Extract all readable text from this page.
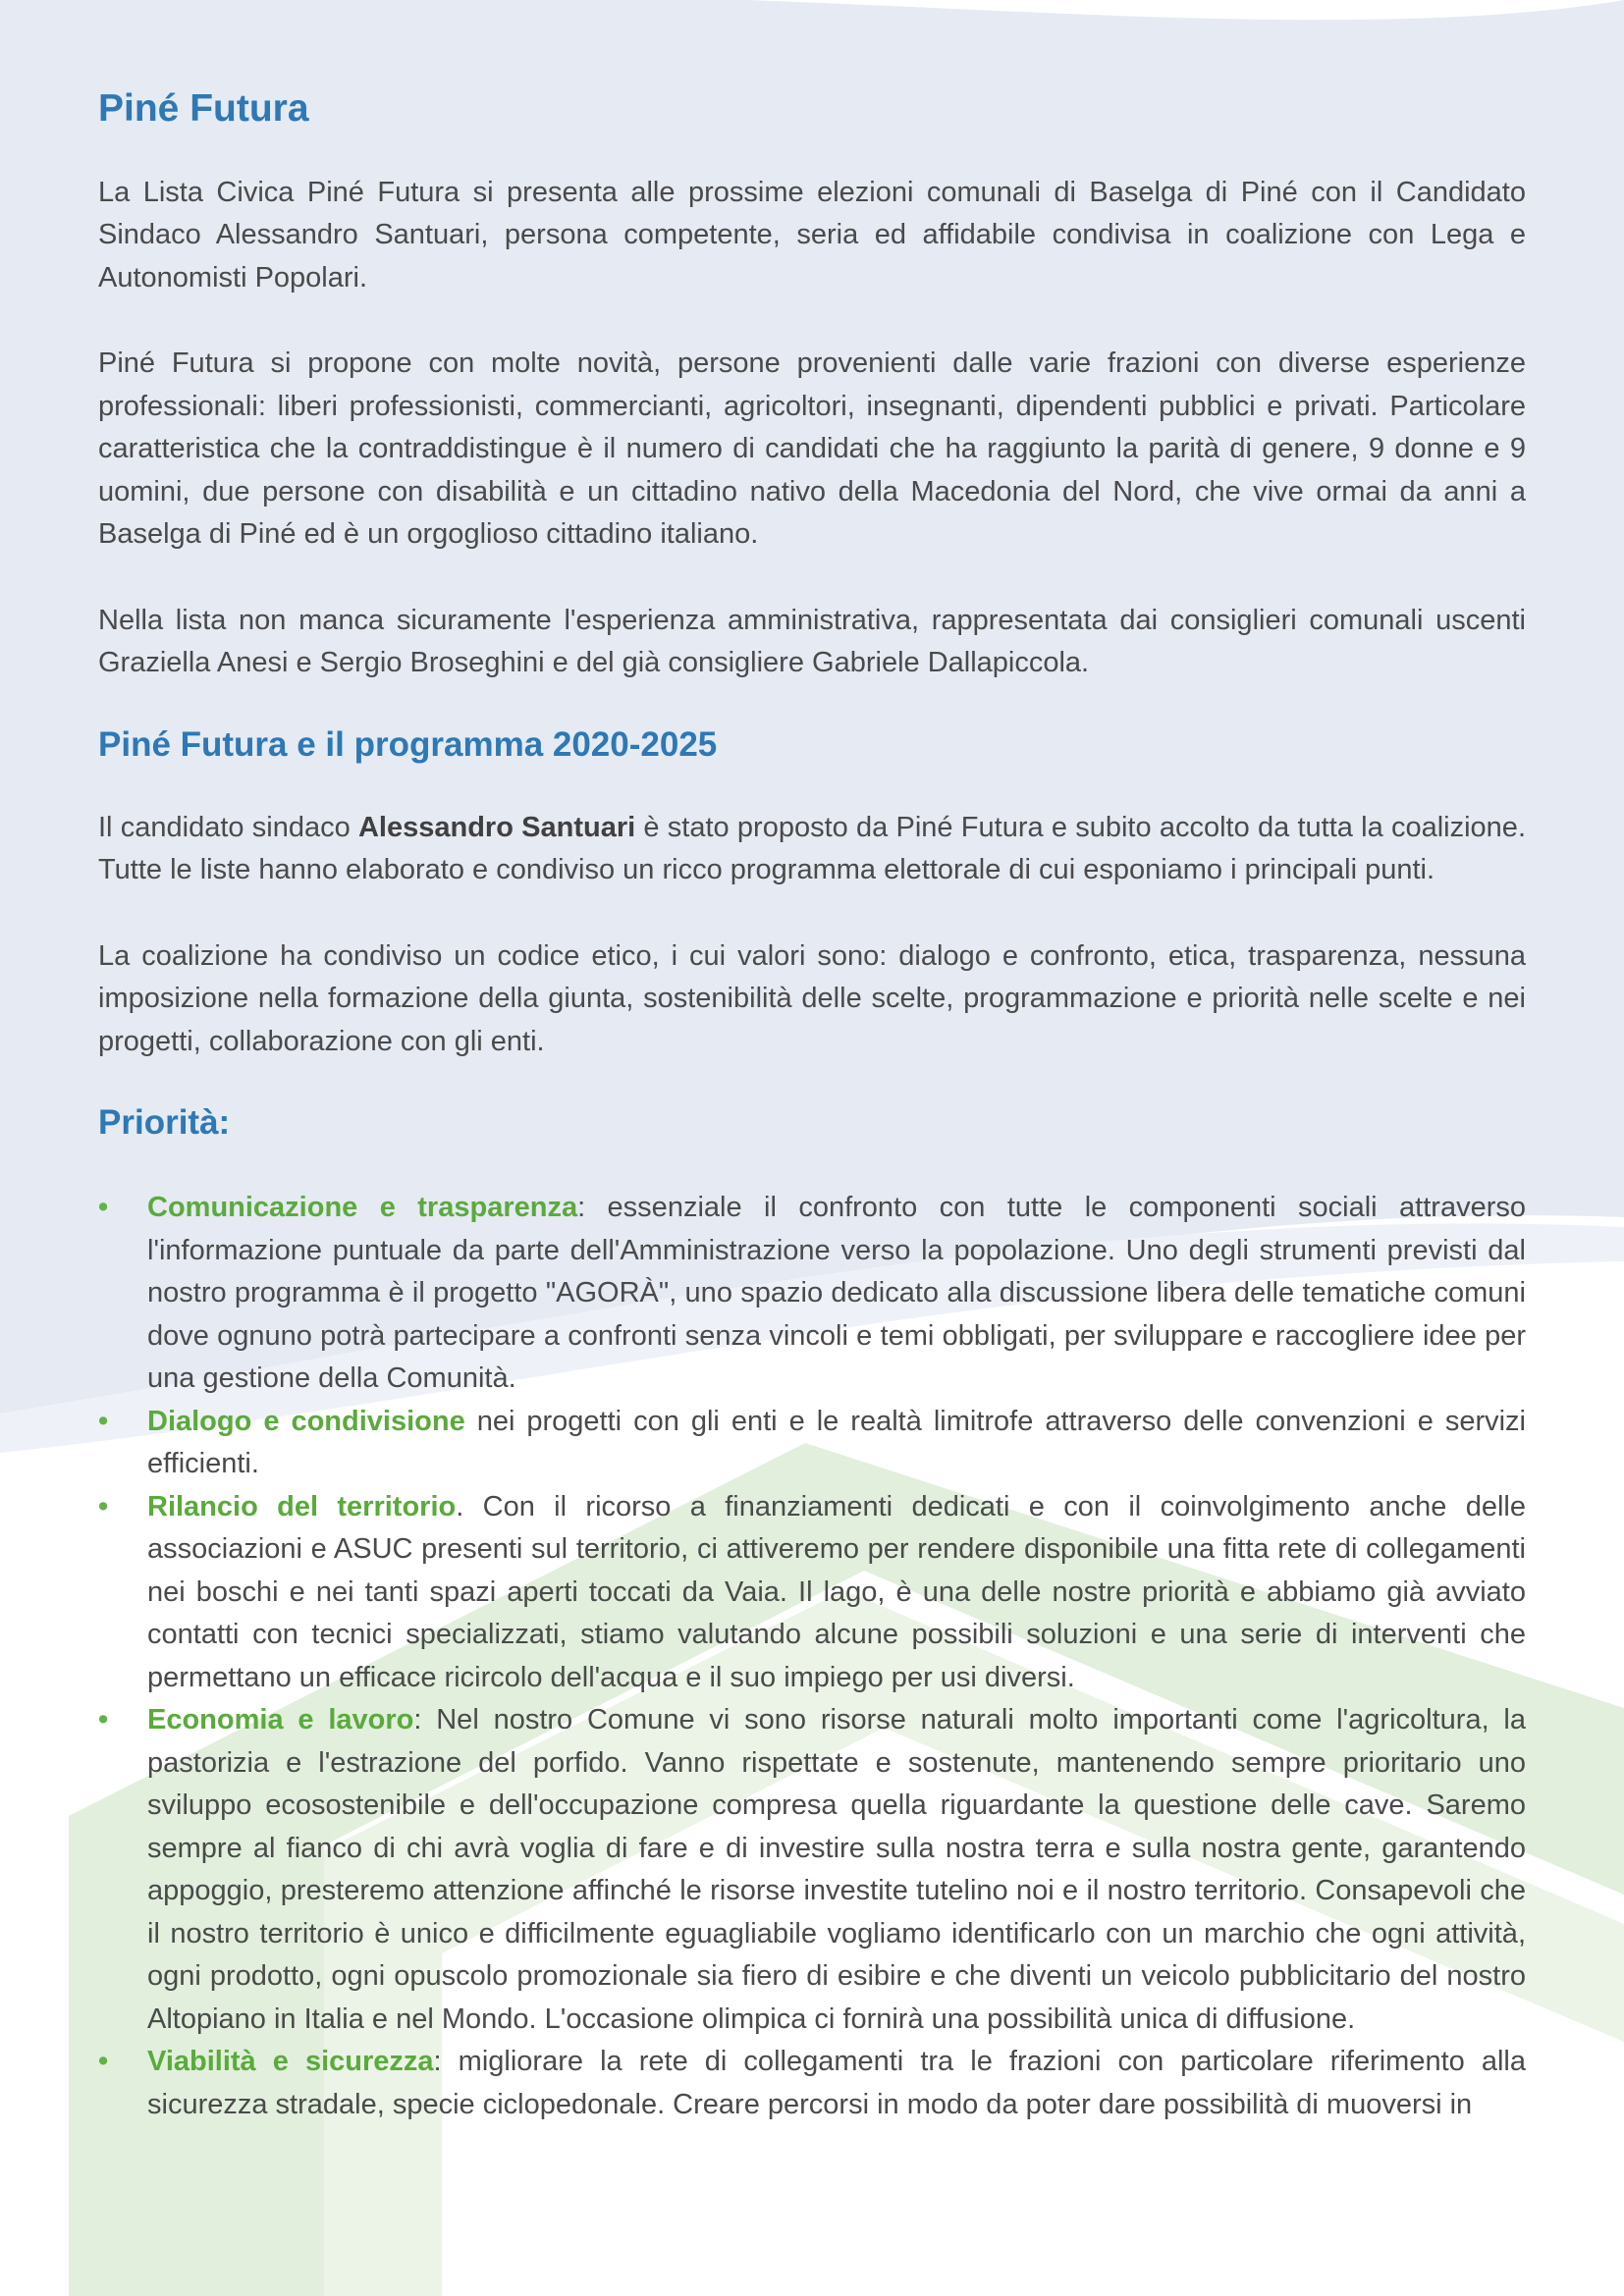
Piné Futura

La Lista Civica Piné Futura si presenta alle prossime elezioni comunali di Baselga di Piné con il Candidato Sindaco Alessandro Santuari, persona competente, seria ed affidabile condivisa in coalizione con Lega e Autonomisti Popolari.

Piné Futura si propone con molte novità, persone provenienti dalle varie frazioni con diverse esperienze professionali: liberi professionisti, commercianti, agricoltori, insegnanti, dipendenti pubblici e privati. Particolare caratteristica che la contraddistingue è il numero di candidati che ha raggiunto la parità di genere, 9 donne e 9 uomini, due persone con disabilità e un cittadino nativo della Macedonia del Nord, che vive ormai da anni a Baselga di Piné ed è un orgoglioso cittadino italiano.

Nella lista non manca sicuramente l'esperienza amministrativa, rappresentata dai consiglieri comunali uscenti Graziella Anesi e Sergio Broseghini e del già consigliere Gabriele Dallapiccola.

Piné Futura e il programma 2020-2025

Il candidato sindaco Alessandro Santuari è stato proposto da Piné Futura e subito accolto da tutta la coalizione. Tutte le liste hanno elaborato e condiviso un ricco programma elettorale di cui esponiamo i principali punti.

La coalizione ha condiviso un codice etico, i cui valori sono: dialogo e confronto, etica, trasparenza, nessuna imposizione nella formazione della giunta, sostenibilità delle scelte, programmazione e priorità nelle scelte e nei progetti, collaborazione con gli enti.

Priorità:
• Comunicazione e trasparenza: essenziale il confronto con tutte le componenti sociali attraverso l'informazione puntuale da parte dell'Amministrazione verso la popolazione. Uno degli strumenti previsti dal nostro programma è il progetto "AGORÀ", uno spazio dedicato alla discussione libera delle tematiche comuni dove ognuno potrà partecipare a confronti senza vincoli e temi obbligati, per sviluppare e raccogliere idee per una gestione della Comunità.
• Dialogo e condivisione nei progetti con gli enti e le realtà limitrofe attraverso delle convenzioni e servizi efficienti.
• Rilancio del territorio. Con il ricorso a finanziamenti dedicati e con il coinvolgimento anche delle associazioni e ASUC presenti sul territorio, ci attiveremo per rendere disponibile una fitta rete di collegamenti nei boschi e nei tanti spazi aperti toccati da Vaia. Il lago, è una delle nostre priorità e abbiamo già avviato contatti con tecnici specializzati, stiamo valutando alcune possibili soluzioni e una serie di interventi che permettano un efficace ricircolo dell'acqua e il suo impiego per usi diversi.
• Economia e lavoro: Nel nostro Comune vi sono risorse naturali molto importanti come l'agricoltura, la pastorizia e l'estrazione del porfido. Vanno rispettate e sostenute, mantenendo sempre prioritario uno sviluppo ecosostenibile e dell'occupazione compresa quella riguardante la questione delle cave. Saremo sempre al fianco di chi avrà voglia di fare e di investire sulla nostra terra e sulla nostra gente, garantendo appoggio, presteremo attenzione affinché le risorse investite tutelino noi e il nostro territorio. Consapevoli che il nostro territorio è unico e difficilmente eguagliabile vogliamo identificarlo con un marchio che ogni attività, ogni prodotto, ogni opuscolo promozionale sia fiero di esibire e che diventi un veicolo pubblicitario del nostro Altopiano in Italia e nel Mondo. L'occasione olimpica ci fornirà una possibilità unica di diffusione.
• Viabilità e sicurezza: migliorare la rete di collegamenti tra le frazioni con particolare riferimento alla sicurezza stradale, specie ciclopedonale. Creare percorsi in modo da poter dare possibilità di muoversi in
